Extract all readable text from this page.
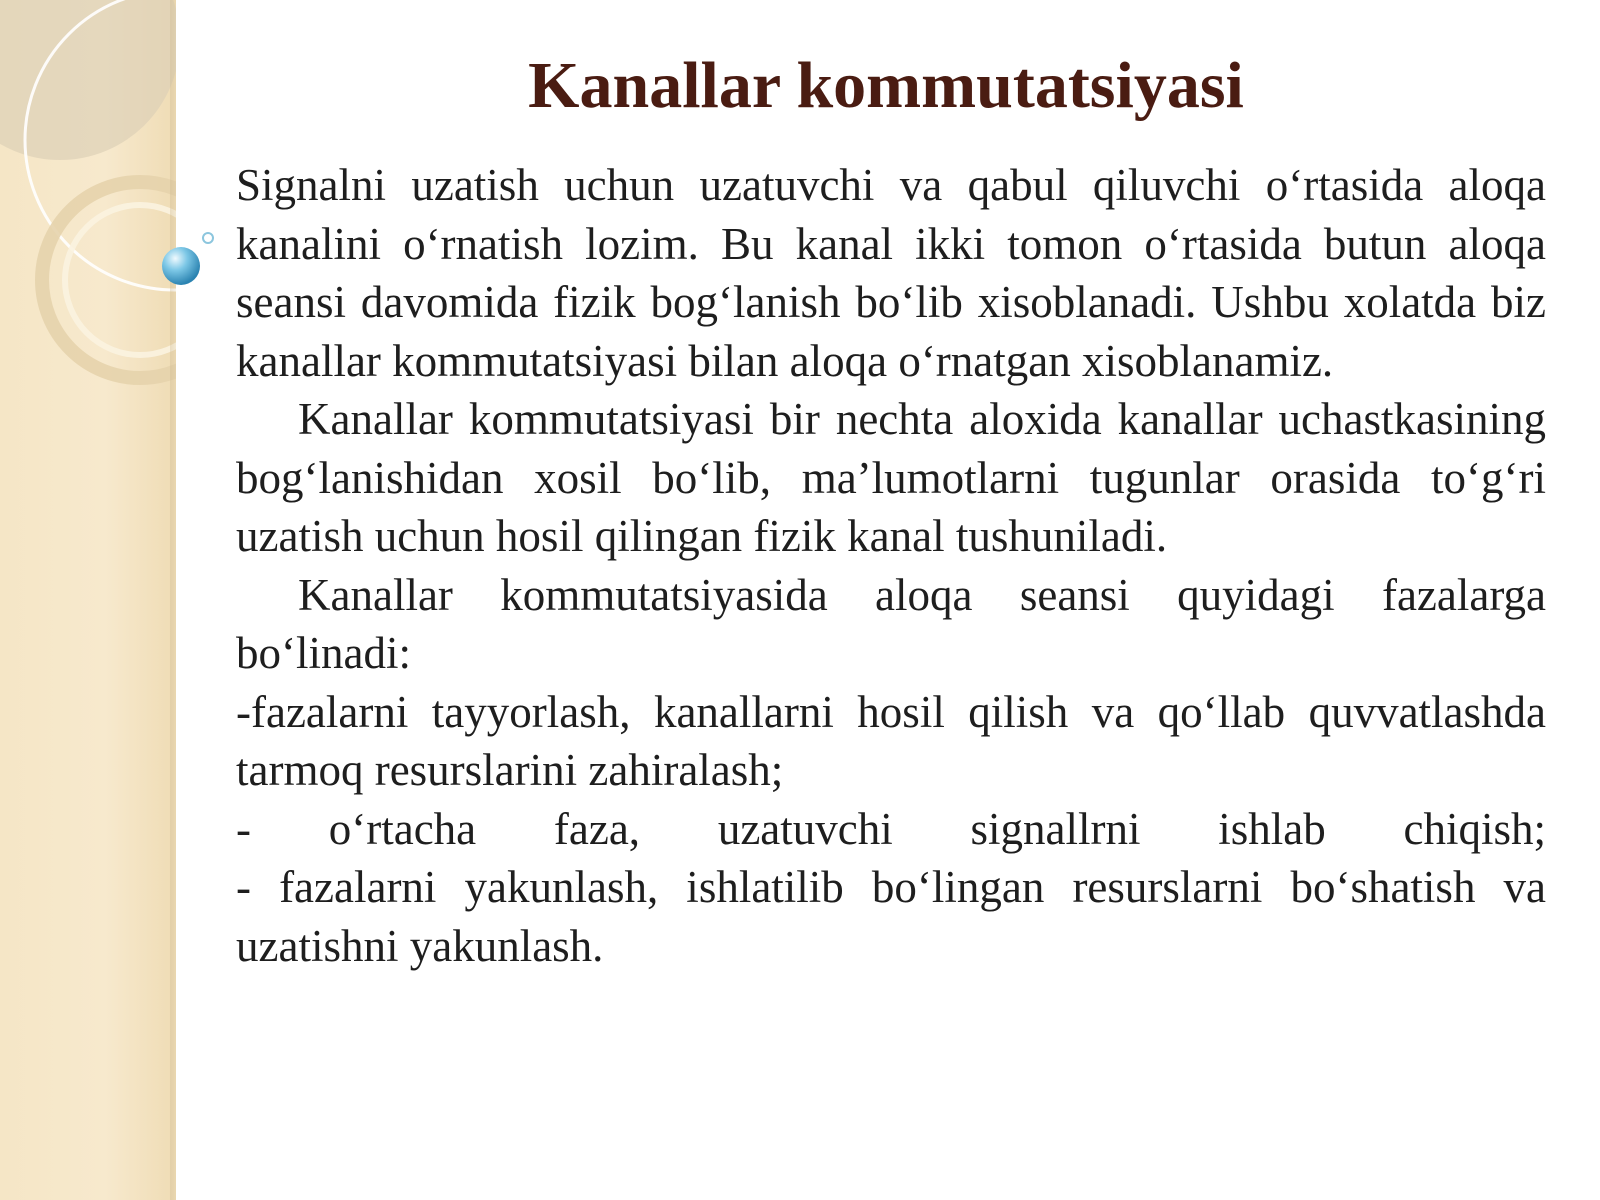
Kanallar kommutatsiyasi

Signalni uzatish uchun uzatuvchi va qabul qiluvchi o‘rtasida aloqa kanalini o‘rnatish lozim. Bu kanal ikki tomon o‘rtasida butun aloqa seansi davomida fizik bog‘lanish bo‘lib xisoblanadi. Ushbu xolatda biz kanallar kommutatsiyasi bilan aloqa o‘rnatgan xisoblanamiz.

Kanallar kommutatsiyasi bir nechta aloxida kanallar uchastkasining bog‘lanishidan xosil bo‘lib, ma’lumotlarni tugunlar orasida to‘g‘ri uzatish uchun hosil qilingan fizik kanal tushuniladi.

Kanallar kommutatsiyasida aloqa seansi quyidagi fazalarga bo‘linadi:

-fazalarni tayyorlash, kanallarni hosil qilish va qo‘llab quvvatlashda tarmoq resurslarini zahiralash;

- o‘rtacha faza, uzatuvchi signallrni ishlab chiqish;

- fazalarni yakunlash, ishlatilib bo‘lingan resurslarni bo‘shatish va uzatishni yakunlash.
